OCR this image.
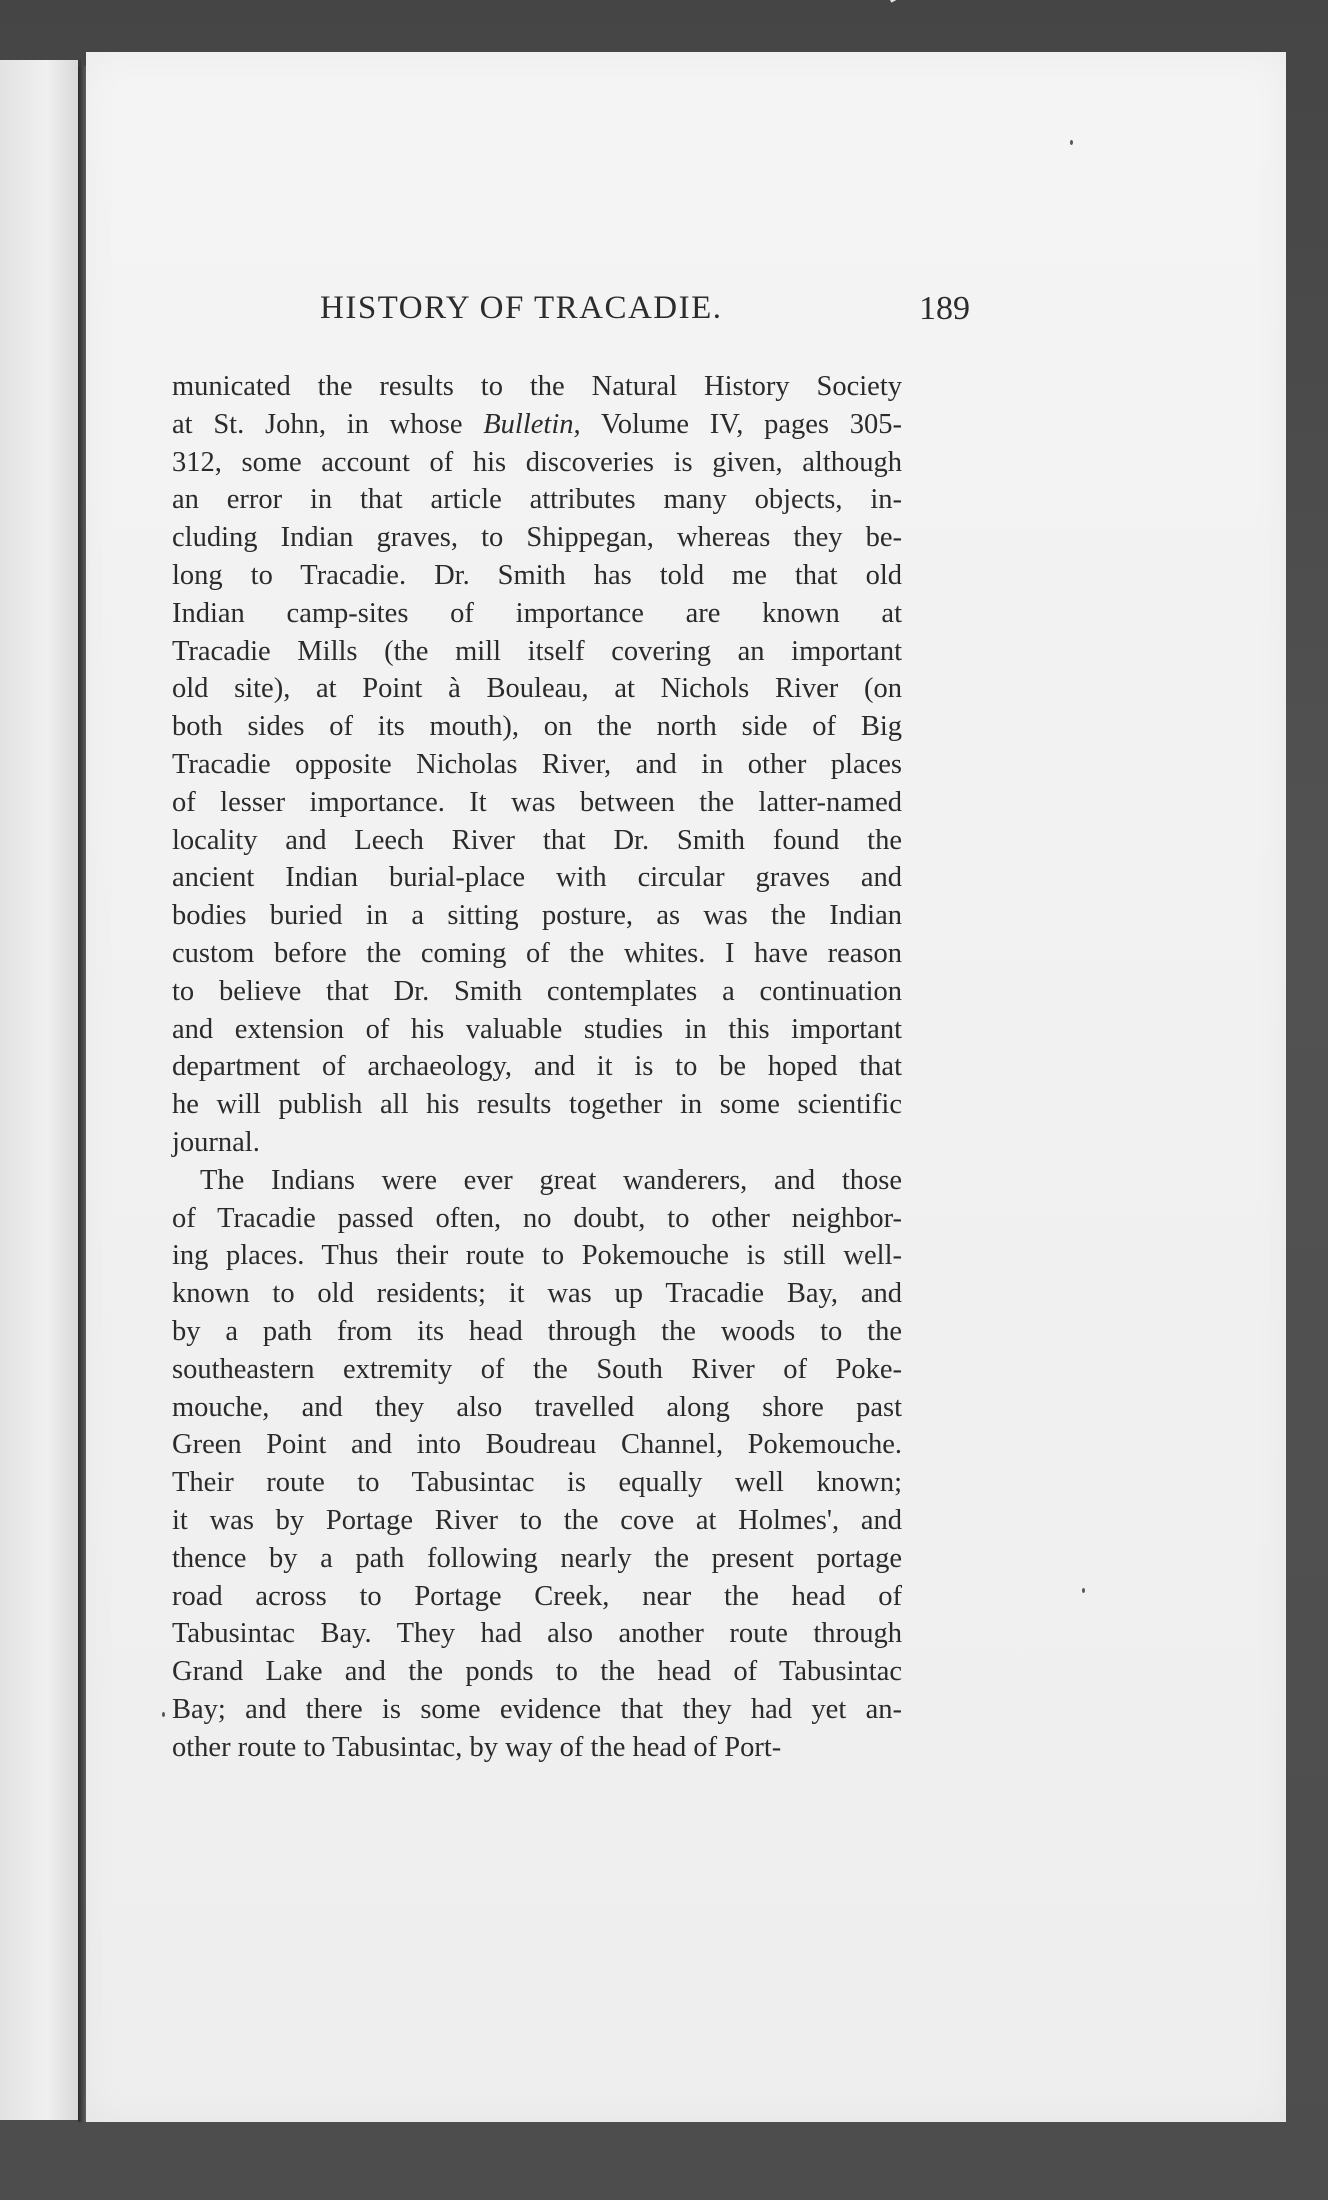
HISTORY OF TRACADIE.	189
municated the results to the Natural History Society
at St. John, in whose Bulletin, Volume IV, pages 305-
312, some account of his discoveries is given, although
an error in that article attributes many objects, in-
cluding Indian graves, to Shippegan, whereas they be-
long to Tracadie. Dr. Smith has told me that old
Indian camp-sites of importance are known at
Tracadie Mills (the mill itself covering an important
old site), at Point à Bouleau, at Nichols River (on
both sides of its mouth), on the north side of Big
Tracadie opposite Nicholas River, and in other places
of lesser importance. It was between the latter-named
locality and Leech River that Dr. Smith found the
ancient Indian burial-place with circular graves and
bodies buried in a sitting posture, as was the Indian
custom before the coming of the whites. I have reason
to believe that Dr. Smith contemplates a continuation
and extension of his valuable studies in this important
department of archaeology, and it is to be hoped that
he will publish all his results together in some scientific
journal.
The Indians were ever great wanderers, and those
of Tracadie passed often, no doubt, to other neighbor-
ing places. Thus their route to Pokemouche is still well-
known to old residents; it was up Tracadie Bay, and
by a path from its head through the woods to the
southeastern extremity of the South River of Poke-
mouche, and they also travelled along shore past
Green Point and into Boudreau Channel, Pokemouche.
Their route to Tabusintac is equally well known;
it was by Portage River to the cove at Holmes', and
thence by a path following nearly the present portage
road across to Portage Creek, near the head of
Tabusintac Bay. They had also another route through
Grand Lake and the ponds to the head of Tabusintac
Bay; and there is some evidence that they had yet an-
other route to Tabusintac, by way of the head of Port-
